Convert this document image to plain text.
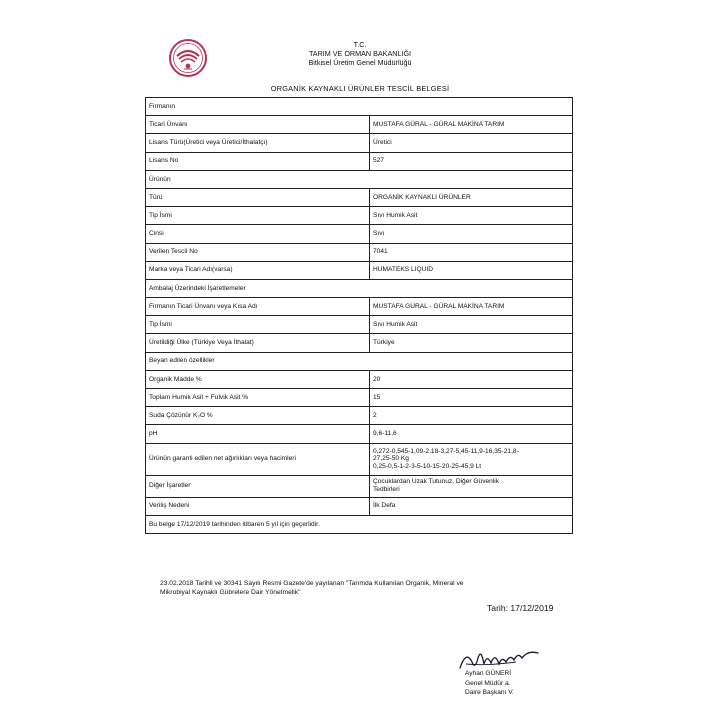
T.C.
TARIM VE ORMAN BAKANLIĞI
Bitkisel Üretim Genel Müdürlüğü
ORGANİK KAYNAKLI ÜRÜNLER TESCİL BELGESİ
Firmanın	
Ticari Ünvanı	MUSTAFA GÜRAL - GÜRAL MAKİNA TARIM
Lisans Türü(Üretici veya Üretici/İthalatçı)	Üretici
Lisans No	527
Ürünün	
Türü	ORGANİK KAYNAKLI ÜRÜNLER
Tip İsmi	Sıvı Humik Asit
Cinsi	Sıvı
Verilen Tescil No	7041
Marka veya Ticari Adı(varsa)	HUMATEKS LIQUID
Ambalaj Üzerindeki İşaretlemeler	
Firmanın Ticari Ünvanı veya Kısa Adı	MUSTAFA GÜRAL - GÜRAL MAKİNA TARIM
Tip İsmi	Sıvı Humik Asit
Üretildiği Ülke (Türkiye Veya İthalat)	Türkiye
Beyan edilen özellikler	
Organik Madde %	20
Toplam Humik Asit + Fulvik Asit %	15
Suda Çözünür K₂O %	2
pH	9,6-11,6
Ürünün garanti edilen net ağırlıkları veya hacimleri	0,272-0,545-1,09-2,18-3,27-5,45-11,9-16,35-21,8-
27,25-50 Kg
0,25-0,5-1-2-3-5-10-15-20-25-45,9 Lt

Diğer İşaretler	Çocuklardan Uzak Tutunuz, Diğer Güvenlik
Tedbirleri

Veriliş Nedeni	İlk Defa
Bu belge 17/12/2019 tarihinden itibaren 5 yıl için geçerlidir.	
23.02.2018 Tarihli ve 30341 Sayılı Resmi Gazete'de yayılanan "Tarımda Kullanılan Organik, Mineral ve
Mikrobiyal Kaynaklı Gübrelere Dair Yönetmelik"
Tarih: 17/12/2019
Ayhan GÜNERİ
Genel Müdür a.
Daire Başkanı V.
